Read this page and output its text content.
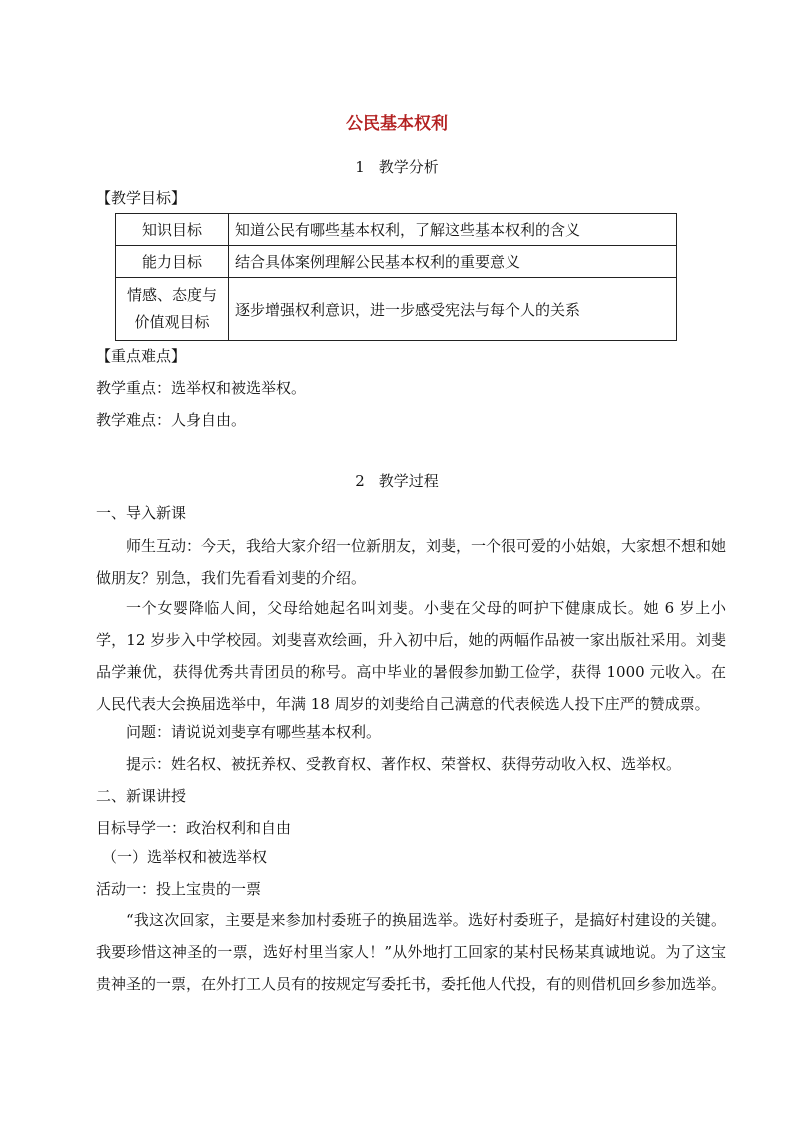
公民基本权利
1 教学分析
【教学目标】
知识目标	知道公民有哪些基本权利，了解这些基本权利的含义
能力目标	结合具体案例理解公民基本权利的重要意义
情感、态度与
价值观目标	逐步增强权利意识，进一步感受宪法与每个人的关系
【重点难点】
教学重点：选举权和被选举权。
教学难点：人身自由。
2 教学过程
一、导入新课
师生互动：今天，我给大家介绍一位新朋友，刘斐，一个很可爱的小姑娘，大家想不想和她做朋友？别急，我们先看看刘斐的介绍。
一个女婴降临人间，父母给她起名叫刘斐。小斐在父母的呵护下健康成长。她 6 岁上小学，12 岁步入中学校园。刘斐喜欢绘画，升入初中后，她的两幅作品被一家出版社采用。刘斐品学兼优，获得优秀共青团员的称号。高中毕业的暑假参加勤工俭学，获得 1000 元收入。在人民代表大会换届选举中，年满 18 周岁的刘斐给自己满意的代表候选人投下庄严的赞成票。
问题：请说说刘斐享有哪些基本权利。
提示：姓名权、被抚养权、受教育权、著作权、荣誉权、获得劳动收入权、选举权。
二、新课讲授
目标导学一：政治权利和自由
（一）选举权和被选举权
活动一：投上宝贵的一票
“我这次回家，主要是来参加村委班子的换届选举。选好村委班子，是搞好村建设的关键。我要珍惜这神圣的一票，选好村里当家人！”从外地打工回家的某村民杨某真诚地说。为了这宝贵神圣的一票，在外打工人员有的按规定写委托书，委托他人代投，有的则借机回乡参加选举。
